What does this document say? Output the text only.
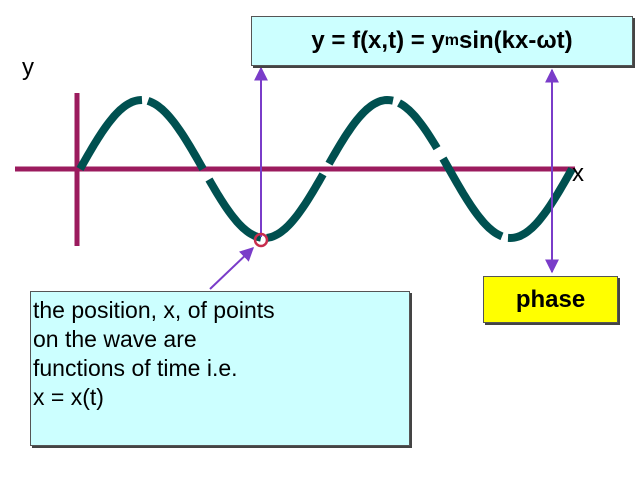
y
x
y = f(x,t) = y m sin(kx-ωt)
the position, x, of points
on the wave are
functions of time i.e.
x = x(t)
phase
